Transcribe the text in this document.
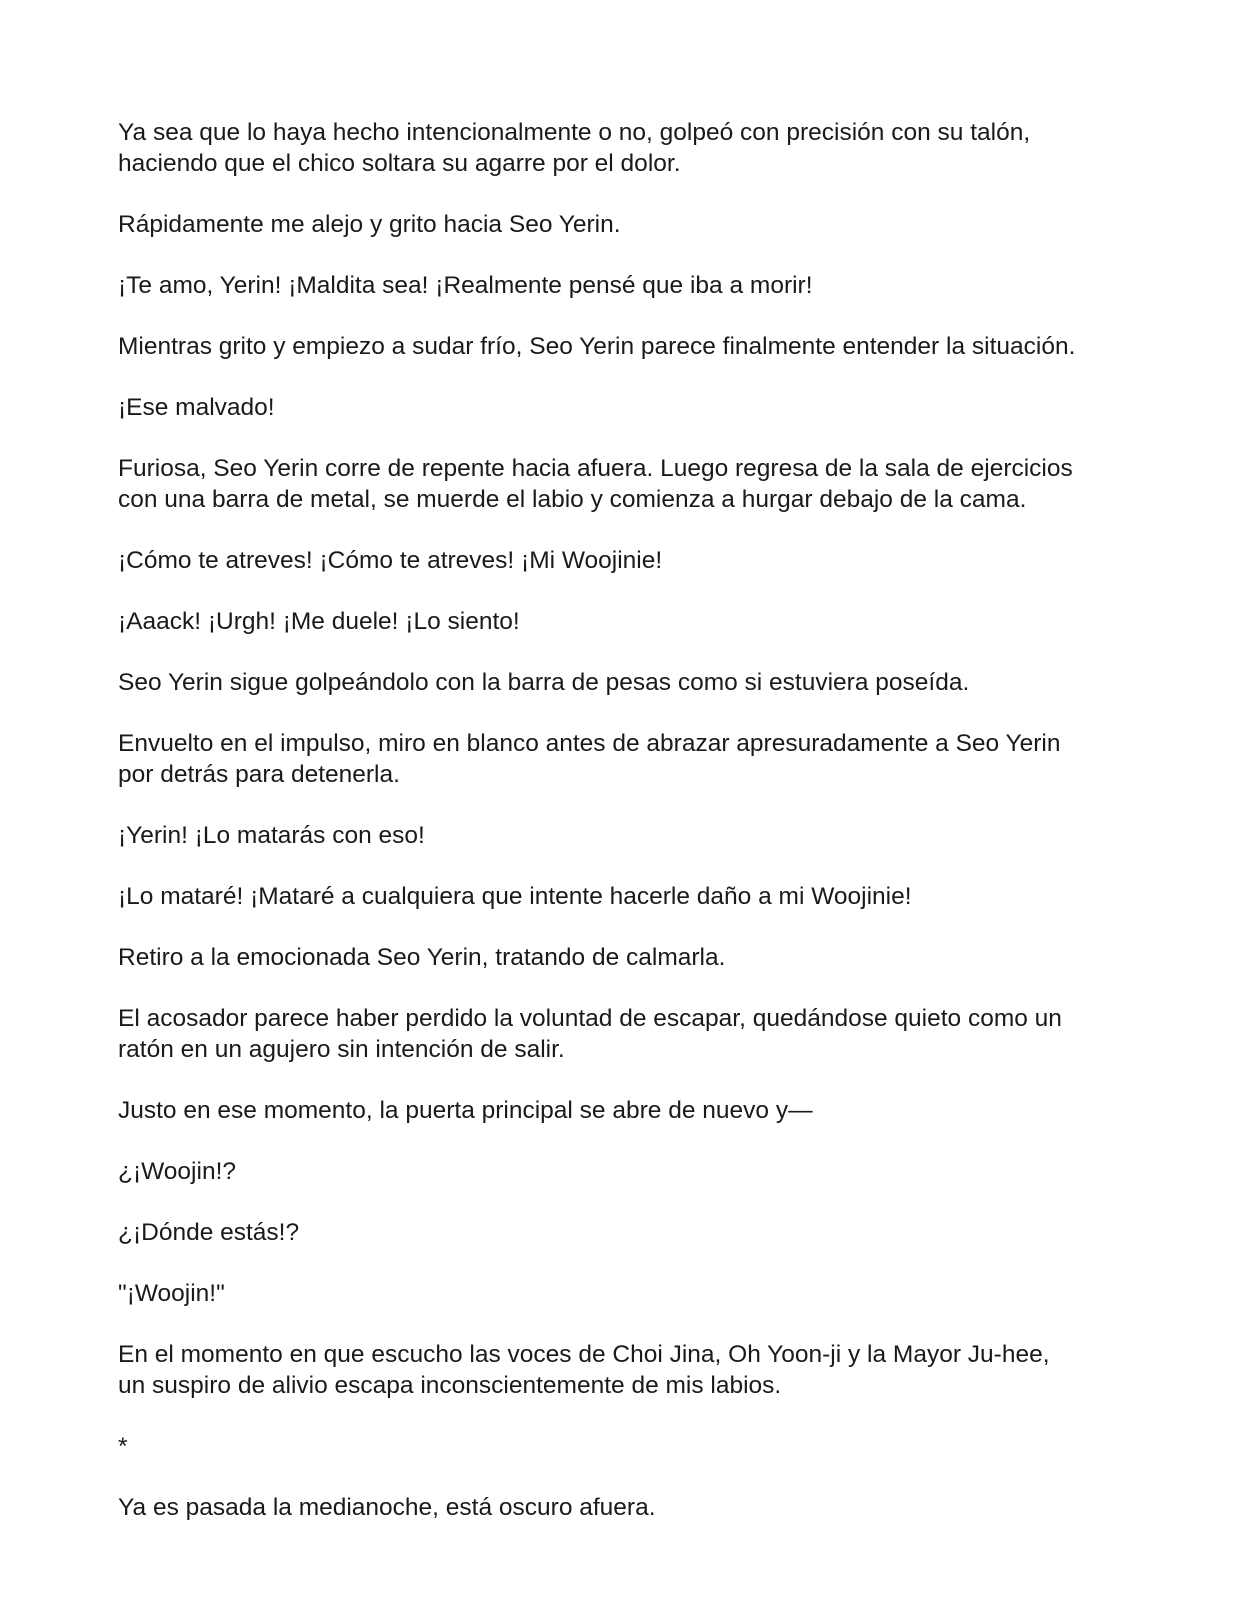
Ya sea que lo haya hecho intencionalmente o no, golpeó con precisión con su talón, haciendo que el chico soltara su agarre por el dolor.

Rápidamente me alejo y grito hacia Seo Yerin.

¡Te amo, Yerin! ¡Maldita sea! ¡Realmente pensé que iba a morir!

Mientras grito y empiezo a sudar frío, Seo Yerin parece finalmente entender la situación.

¡Ese malvado!

Furiosa, Seo Yerin corre de repente hacia afuera. Luego regresa de la sala de ejercicios con una barra de metal, se muerde el labio y comienza a hurgar debajo de la cama.

¡Cómo te atreves! ¡Cómo te atreves! ¡Mi Woojinie!

¡Aaack! ¡Urgh! ¡Me duele! ¡Lo siento!

Seo Yerin sigue golpeándolo con la barra de pesas como si estuviera poseída.

Envuelto en el impulso, miro en blanco antes de abrazar apresuradamente a Seo Yerin por detrás para detenerla.

¡Yerin! ¡Lo matarás con eso!

¡Lo mataré! ¡Mataré a cualquiera que intente hacerle daño a mi Woojinie!

Retiro a la emocionada Seo Yerin, tratando de calmarla.

El acosador parece haber perdido la voluntad de escapar, quedándose quieto como un ratón en un agujero sin intención de salir.

Justo en ese momento, la puerta principal se abre de nuevo y—

¿¡Woojin!?

¿¡Dónde estás!?

"¡Woojin!"

En el momento en que escucho las voces de Choi Jina, Oh Yoon-ji y la Mayor Ju-hee, un suspiro de alivio escapa inconscientemente de mis labios.

*

Ya es pasada la medianoche, está oscuro afuera.
